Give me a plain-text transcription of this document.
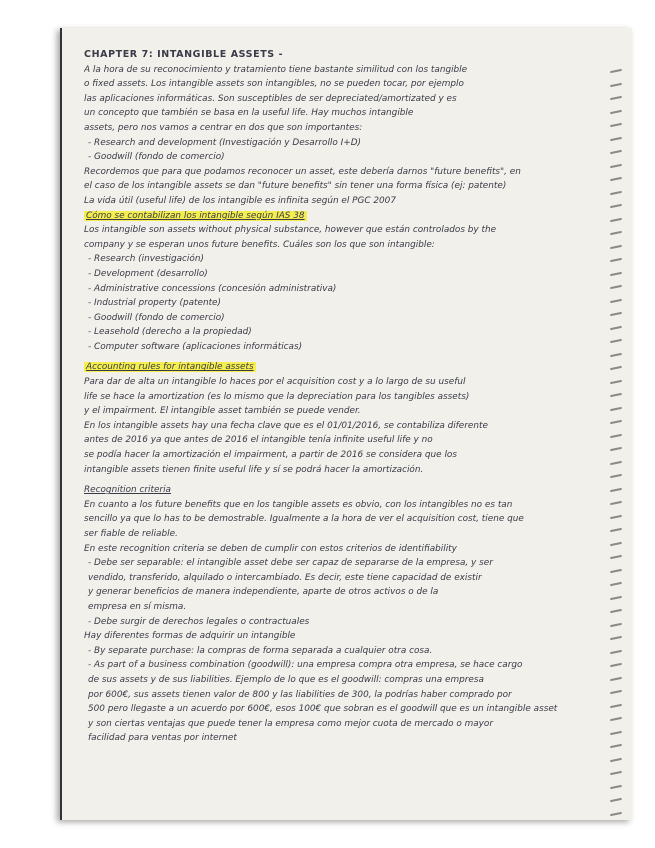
CHAPTER 7: INTANGIBLE ASSETS -
A la hora de su reconocimiento y tratamiento tiene bastante similitud con los tangible
o fixed assets. Los intangible assets son intangibles, no se pueden tocar, por ejemplo
las aplicaciones informáticas. Son susceptibles de ser depreciated/amortizated y es
un concepto que también se basa en la useful life. Hay muchos intangible
assets, pero nos vamos a centrar en dos que son importantes:
- Research and development (Investigación y Desarrollo I+D)
- Goodwill (fondo de comercio)
Recordemos que para que podamos reconocer un asset, este debería darnos "future benefits", en
el caso de los intangible assets se dan "future benefits" sin tener una forma física (ej: patente)
La vida útil (useful life) de los intangible es infinita según el PGC 2007
Cómo se contabilizan los intangible según IAS 38
Los intangible son assets without physical substance, however que están controlados by the
company y se esperan unos future benefits. Cuáles son los que son intangible:
- Research (investigación)
- Development (desarrollo)
- Administrative concessions (concesión administrativa)
- Industrial property (patente)
- Goodwill (fondo de comercio)
- Leasehold (derecho a la propiedad)
- Computer software (aplicaciones informáticas)
Accounting rules for intangible assets
Para dar de alta un intangible lo haces por el acquisition cost y a lo largo de su useful
life se hace la amortization (es lo mismo que la depreciation para los tangibles assets)
y el impairment. El intangible asset también se puede vender.
En los intangible assets hay una fecha clave que es el 01/01/2016, se contabiliza diferente
antes de 2016 ya que antes de 2016 el intangible tenía infinite useful life y no
se podía hacer la amortización el impairment, a partir de 2016 se considera que los
intangible assets tienen finite useful life y sí se podrá hacer la amortización.
Recognition criteria
En cuanto a los future benefits que en los tangible assets es obvio, con los intangibles no es tan
sencillo ya que lo has to be demostrable. Igualmente a la hora de ver el acquisition cost, tiene que
ser fiable de reliable.
En este recognition criteria se deben de cumplir con estos criterios de identifiability
- Debe ser separable: el intangible asset debe ser capaz de separarse de la empresa, y ser
vendido, transferido, alquilado o intercambiado. Es decir, este tiene capacidad de existir
y generar beneficios de manera independiente, aparte de otros activos o de la
empresa en sí misma.
- Debe surgir de derechos legales o contractuales
Hay diferentes formas de adquirir un intangible
- By separate purchase: la compras de forma separada a cualquier otra cosa.
- As part of a business combination (goodwill): una empresa compra otra empresa, se hace cargo
de sus assets y de sus liabilities. Ejemplo de lo que es el goodwill: compras una empresa
por 600€, sus assets tienen valor de 800 y las liabilities de 300, la podrías haber comprado por
500 pero llegaste a un acuerdo por 600€, esos 100€ que sobran es el goodwill que es un intangible asset
y son ciertas ventajas que puede tener la empresa como mejor cuota de mercado o mayor
facilidad para ventas por internet
